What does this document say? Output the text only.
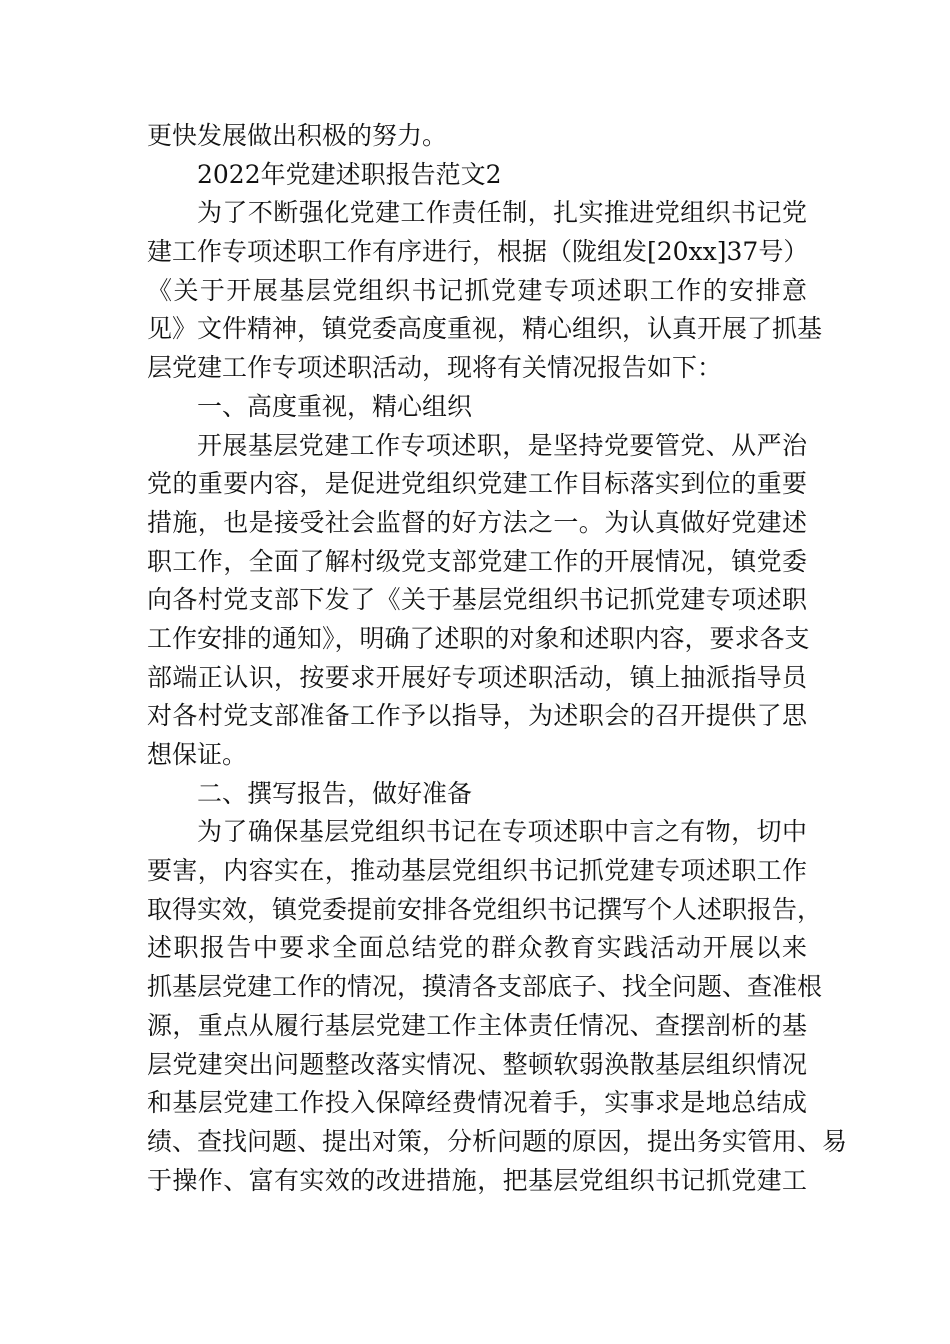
更快发展做出积极的努力。
2022年党建述职报告范文2
为了不断强化党建工作责任制，扎实推进党组织书记党
建工作专项述职工作有序进行，根据（陇组发[20xx]37号）
《关于开展基层党组织书记抓党建专项述职工作的安排意
见》文件精神，镇党委高度重视，精心组织，认真开展了抓基
层党建工作专项述职活动，现将有关情况报告如下：
一、高度重视，精心组织
开展基层党建工作专项述职，是坚持党要管党、从严治
党的重要内容，是促进党组织党建工作目标落实到位的重要
措施，也是接受社会监督的好方法之一。为认真做好党建述
职工作，全面了解村级党支部党建工作的开展情况，镇党委
向各村党支部下发了《关于基层党组织书记抓党建专项述职
工作安排的通知》，明确了述职的对象和述职内容，要求各支
部端正认识，按要求开展好专项述职活动，镇上抽派指导员
对各村党支部准备工作予以指导，为述职会的召开提供了思
想保证。
二、撰写报告，做好准备
为了确保基层党组织书记在专项述职中言之有物，切中
要害，内容实在，推动基层党组织书记抓党建专项述职工作
取得实效，镇党委提前安排各党组织书记撰写个人述职报告，
述职报告中要求全面总结党的群众教育实践活动开展以来
抓基层党建工作的情况，摸清各支部底子、找全问题、查准根
源，重点从履行基层党建工作主体责任情况、查摆剖析的基
层党建突出问题整改落实情况、整顿软弱涣散基层组织情况
和基层党建工作投入保障经费情况着手，实事求是地总结成
绩、查找问题、提出对策，分析问题的原因，提出务实管用、易
于操作、富有实效的改进措施，把基层党组织书记抓党建工
